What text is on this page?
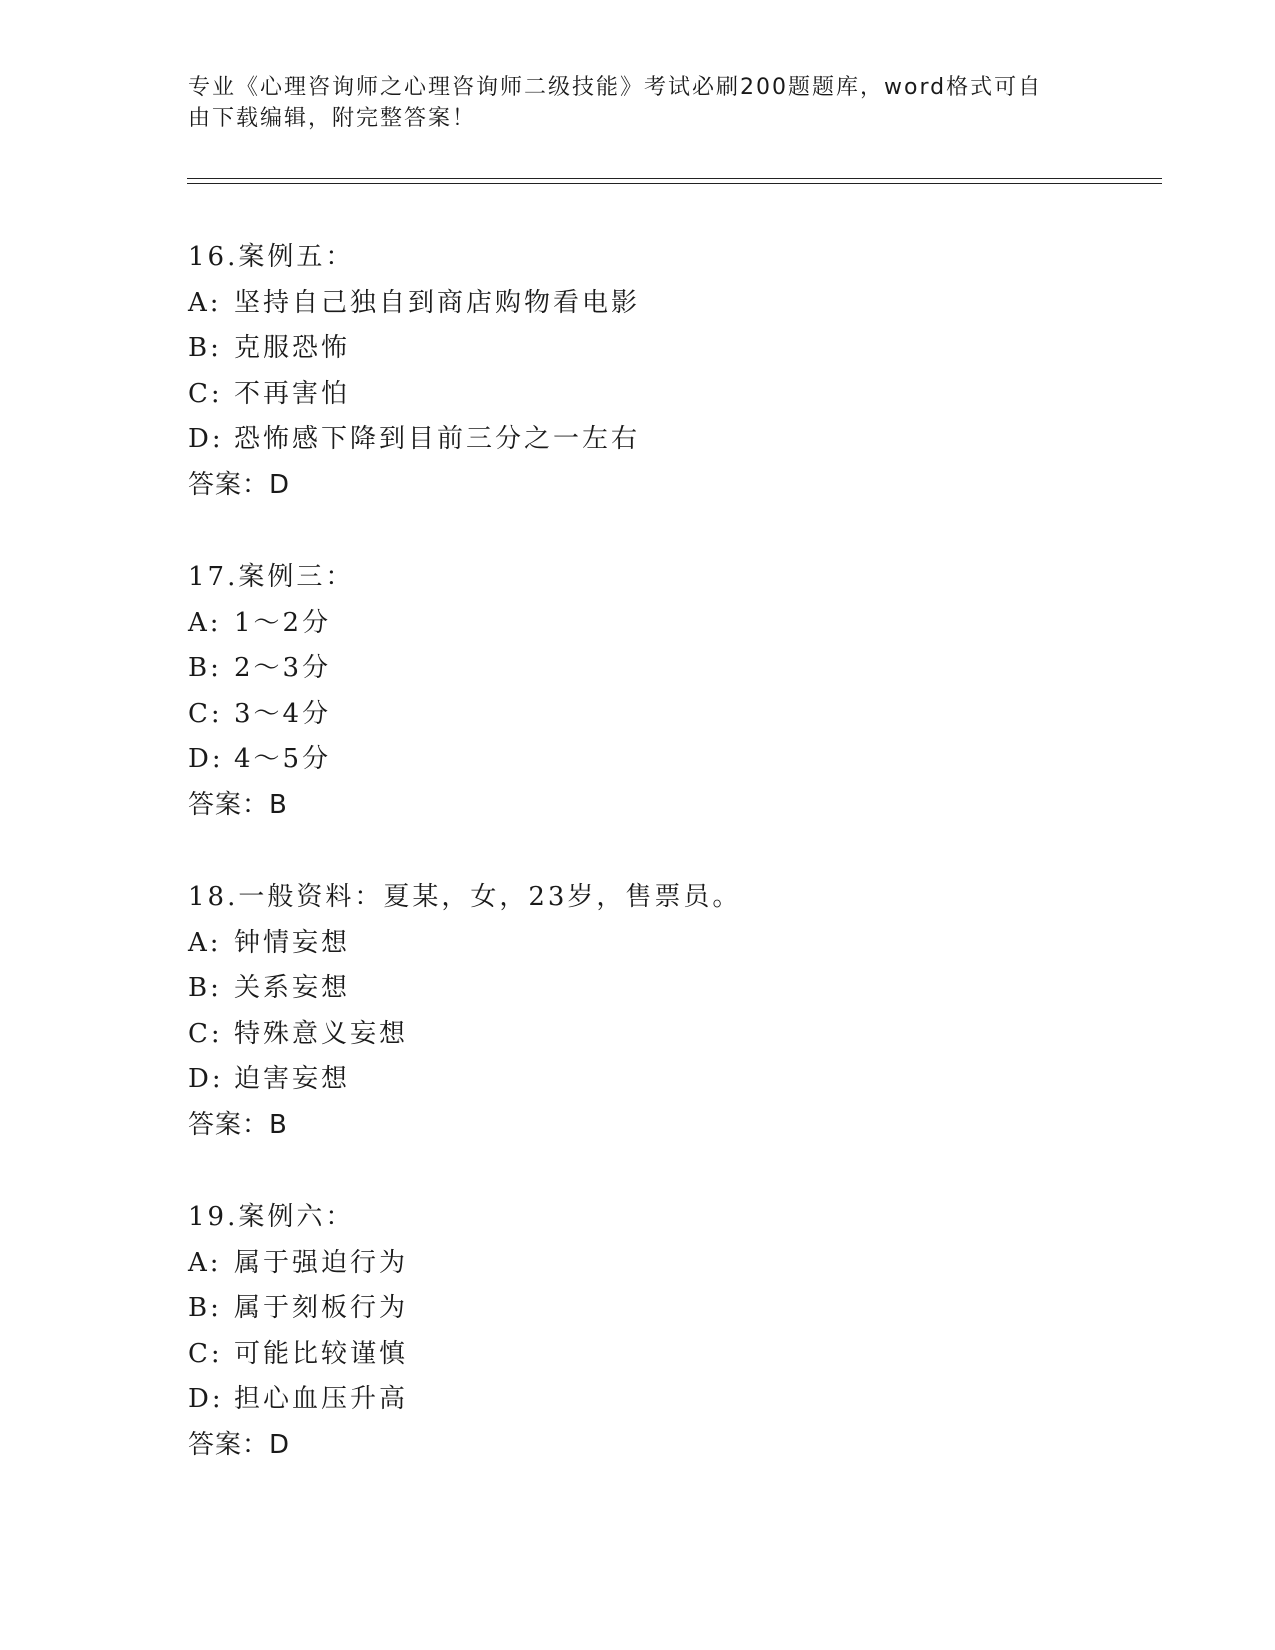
专业《心理咨询师之心理咨询师二级技能》考试必刷200题题库，word格式可自
由下载编辑，附完整答案！
16.案例五：
A: 坚持自己独自到商店购物看电影
B: 克服恐怖
C: 不再害怕
D: 恐怖感下降到目前三分之一左右
答案：D
17.案例三：
A: 1～2分
B: 2～3分
C: 3～4分
D: 4～5分
答案：B
18.一般资料：夏某，女，23岁，售票员。
A: 钟情妄想
B: 关系妄想
C: 特殊意义妄想
D: 迫害妄想
答案：B
19.案例六：
A: 属于强迫行为
B: 属于刻板行为
C: 可能比较谨慎
D: 担心血压升高
答案：D
